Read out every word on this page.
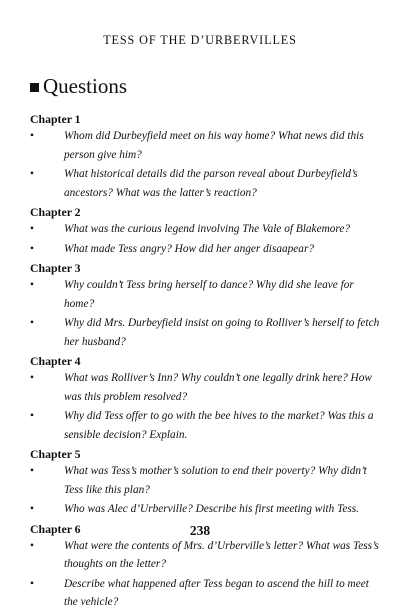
TESS OF THE D’URBERVILLES
Questions
Chapter 1
•	Whom did Durbeyfield meet on his way home? What news did this person give him?
•	What historical details did the parson reveal about Durbeyfield’s ancestors? What was the latter’s reaction?
Chapter 2
•	What was the curious legend involving The Vale of Blakemore?
•	What made Tess angry? How did her anger disaapear?
Chapter 3
•	Why couldn’t Tess bring herself to dance? Why did she leave for home?
•	Why did Mrs. Durbeyfield insist on going to Rolliver’s herself to fetch her husband?
Chapter 4
•	What was Rolliver’s Inn? Why couldn’t one legally drink here? How was this problem resolved?
•	Why did Tess offer to go with the bee hives to the market? Was this a sensible decision? Explain.
Chapter 5
•	What was Tess’s mother’s solution to end their poverty? Why didn’t Tess like this plan?
•	Who was Alec d’Urberville? Describe his first meeting with Tess.
Chapter 6
•	What were the contents of Mrs. d’Urberville’s letter? What was Tess’s thoughts on the letter?
•	Describe what happened after Tess began to ascend the hill to meet the vehicle?
238
